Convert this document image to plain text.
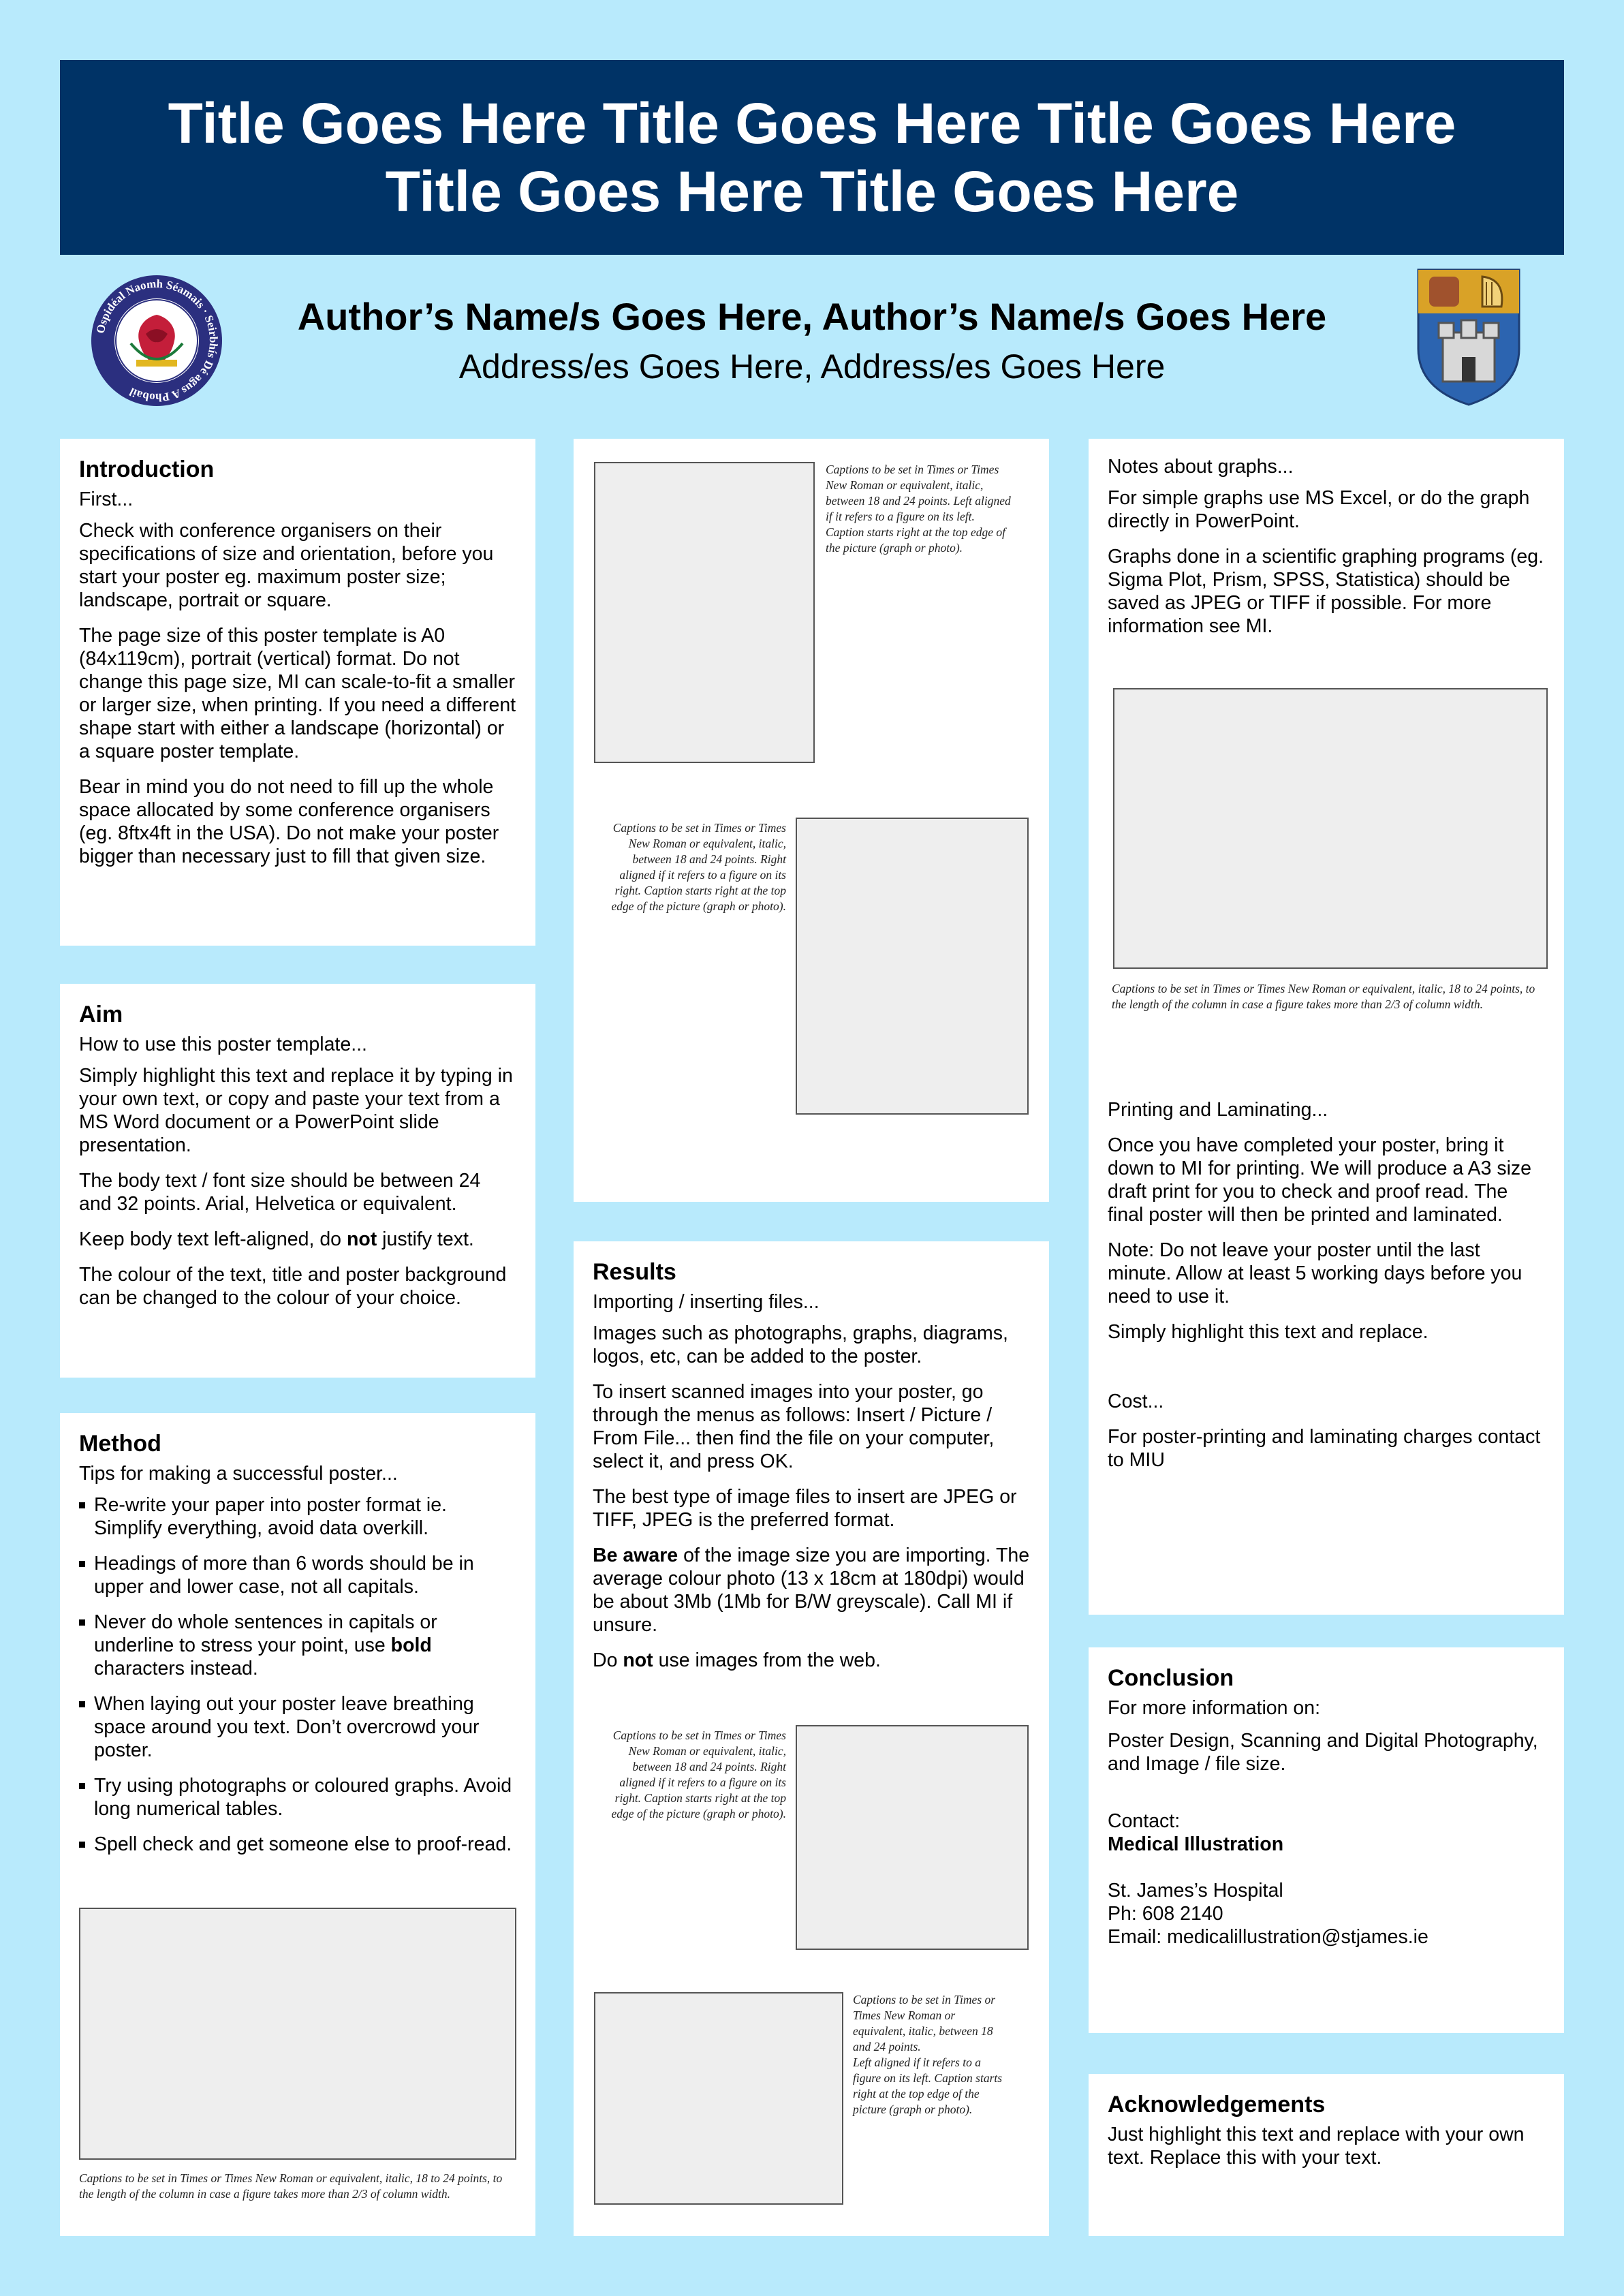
Title Goes Here Title Goes Here Title Goes Here
Title Goes Here Title Goes Here
Ospidéal Naomh Séamais · Seirbhís Dé agus A Phobail
Author’s Name/s Goes Here, Author’s Name/s Goes Here
Address/es Goes Here, Address/es Goes Here
Introduction

First...

Check with conference organisers on their specifications of size and orientation, before you start your poster eg. maximum poster size; landscape, portrait or square.

The page size of this poster template is A0 (84x119cm), portrait (vertical) format. Do not change this page size, MI can scale-to-fit a smaller or larger size, when printing. If you need a different shape start with either a landscape (horizontal) or a square poster template.

Bear in mind you do not need to fill up the whole space allocated by some conference organisers (eg. 8ftx4ft in the USA). Do not make your poster bigger than necessary just to fill that given size.

Aim

How to use this poster template...

Simply highlight this text and replace it by typing in your own text, or copy and paste your text from a MS Word document or a PowerPoint slide presentation.

The body text / font size should be between 24 and 32 points. Arial, Helvetica or equivalent.

Keep body text left-aligned, do not justify text.

The colour of the text, title and poster background can be changed to the colour of your choice.

Method

Tips for making a successful poster...

Re-write your paper into poster format ie. Simplify everything, avoid data overkill.
Headings of more than 6 words should be in upper and lower case, not all capitals.
Never do whole sentences in capitals or underline to stress your point, use bold characters instead.
When laying out your poster leave breathing space around you text. Don’t overcrowd your poster.
Try using photographs or coloured graphs. Avoid long numerical tables.
Spell check and get someone else to proof-read.
Captions to be set in Times or Times New Roman or equivalent, italic, 18 to 24 points, to the length of the column in case a figure takes more than 2/3 of column width.
Captions to be set in Times or Times New Roman or equivalent, italic, between 18 and 24 points. Left aligned if it refers to a figure on its left. Caption starts right at the top edge of the picture (graph or photo).
Captions to be set in Times or Times New Roman or equivalent, italic, between 18 and 24 points. Right aligned if it refers to a figure on its right. Caption starts right at the top edge of the picture (graph or photo).
Results

Importing / inserting files...

Images such as photographs, graphs, diagrams, logos, etc, can be added to the poster.

To insert scanned images into your poster, go through the menus as follows: Insert / Picture / From File... then find the file on your computer, select it, and press OK.

The best type of image files to insert are JPEG or TIFF, JPEG is the preferred format.

Be aware of the image size you are importing. The average colour photo (13 x 18cm at 180dpi) would be about 3Mb (1Mb for B/W greyscale). Call MI if unsure.

Do not use images from the web.

Captions to be set in Times or Times New Roman or equivalent, italic, between 18 and 24 points. Right aligned if it refers to a figure on its right. Caption starts right at the top edge of the picture (graph or photo).
Captions to be set in Times or Times New Roman or equivalent, italic, between 18 and 24 points.
Left aligned if it refers to a figure on its left. Caption starts right at the top edge of the picture (graph or photo).

Notes about graphs...

For simple graphs use MS Excel, or do the graph directly in PowerPoint.

Graphs done in a scientific graphing programs (eg. Sigma Plot, Prism, SPSS, Statistica) should be saved as JPEG or TIFF if possible. For more information see MI.

Captions to be set in Times or Times New Roman or equivalent, italic, 18 to 24 points, to the length of the column in case a figure takes more than 2/3 of column width.

Printing and Laminating...

Once you have completed your poster, bring it down to MI for printing. We will produce a A3 size draft print for you to check and proof read. The final poster will then be printed and laminated.

Note: Do not leave your poster until the last minute. Allow at least 5 working days before you need to use it.

Simply highlight this text and replace.

Cost...

For poster-printing and laminating charges contact to MIU

Conclusion
For more information on:
Poster Design, Scanning and Digital Photography,
and Image / file size.
Contact:
Medical Illustration
St. James’s Hospital
Ph: 608 2140
Email: medicalillustration@stjames.ie
Acknowledgements

Just highlight this text and replace with your own text. Replace this with your text.
